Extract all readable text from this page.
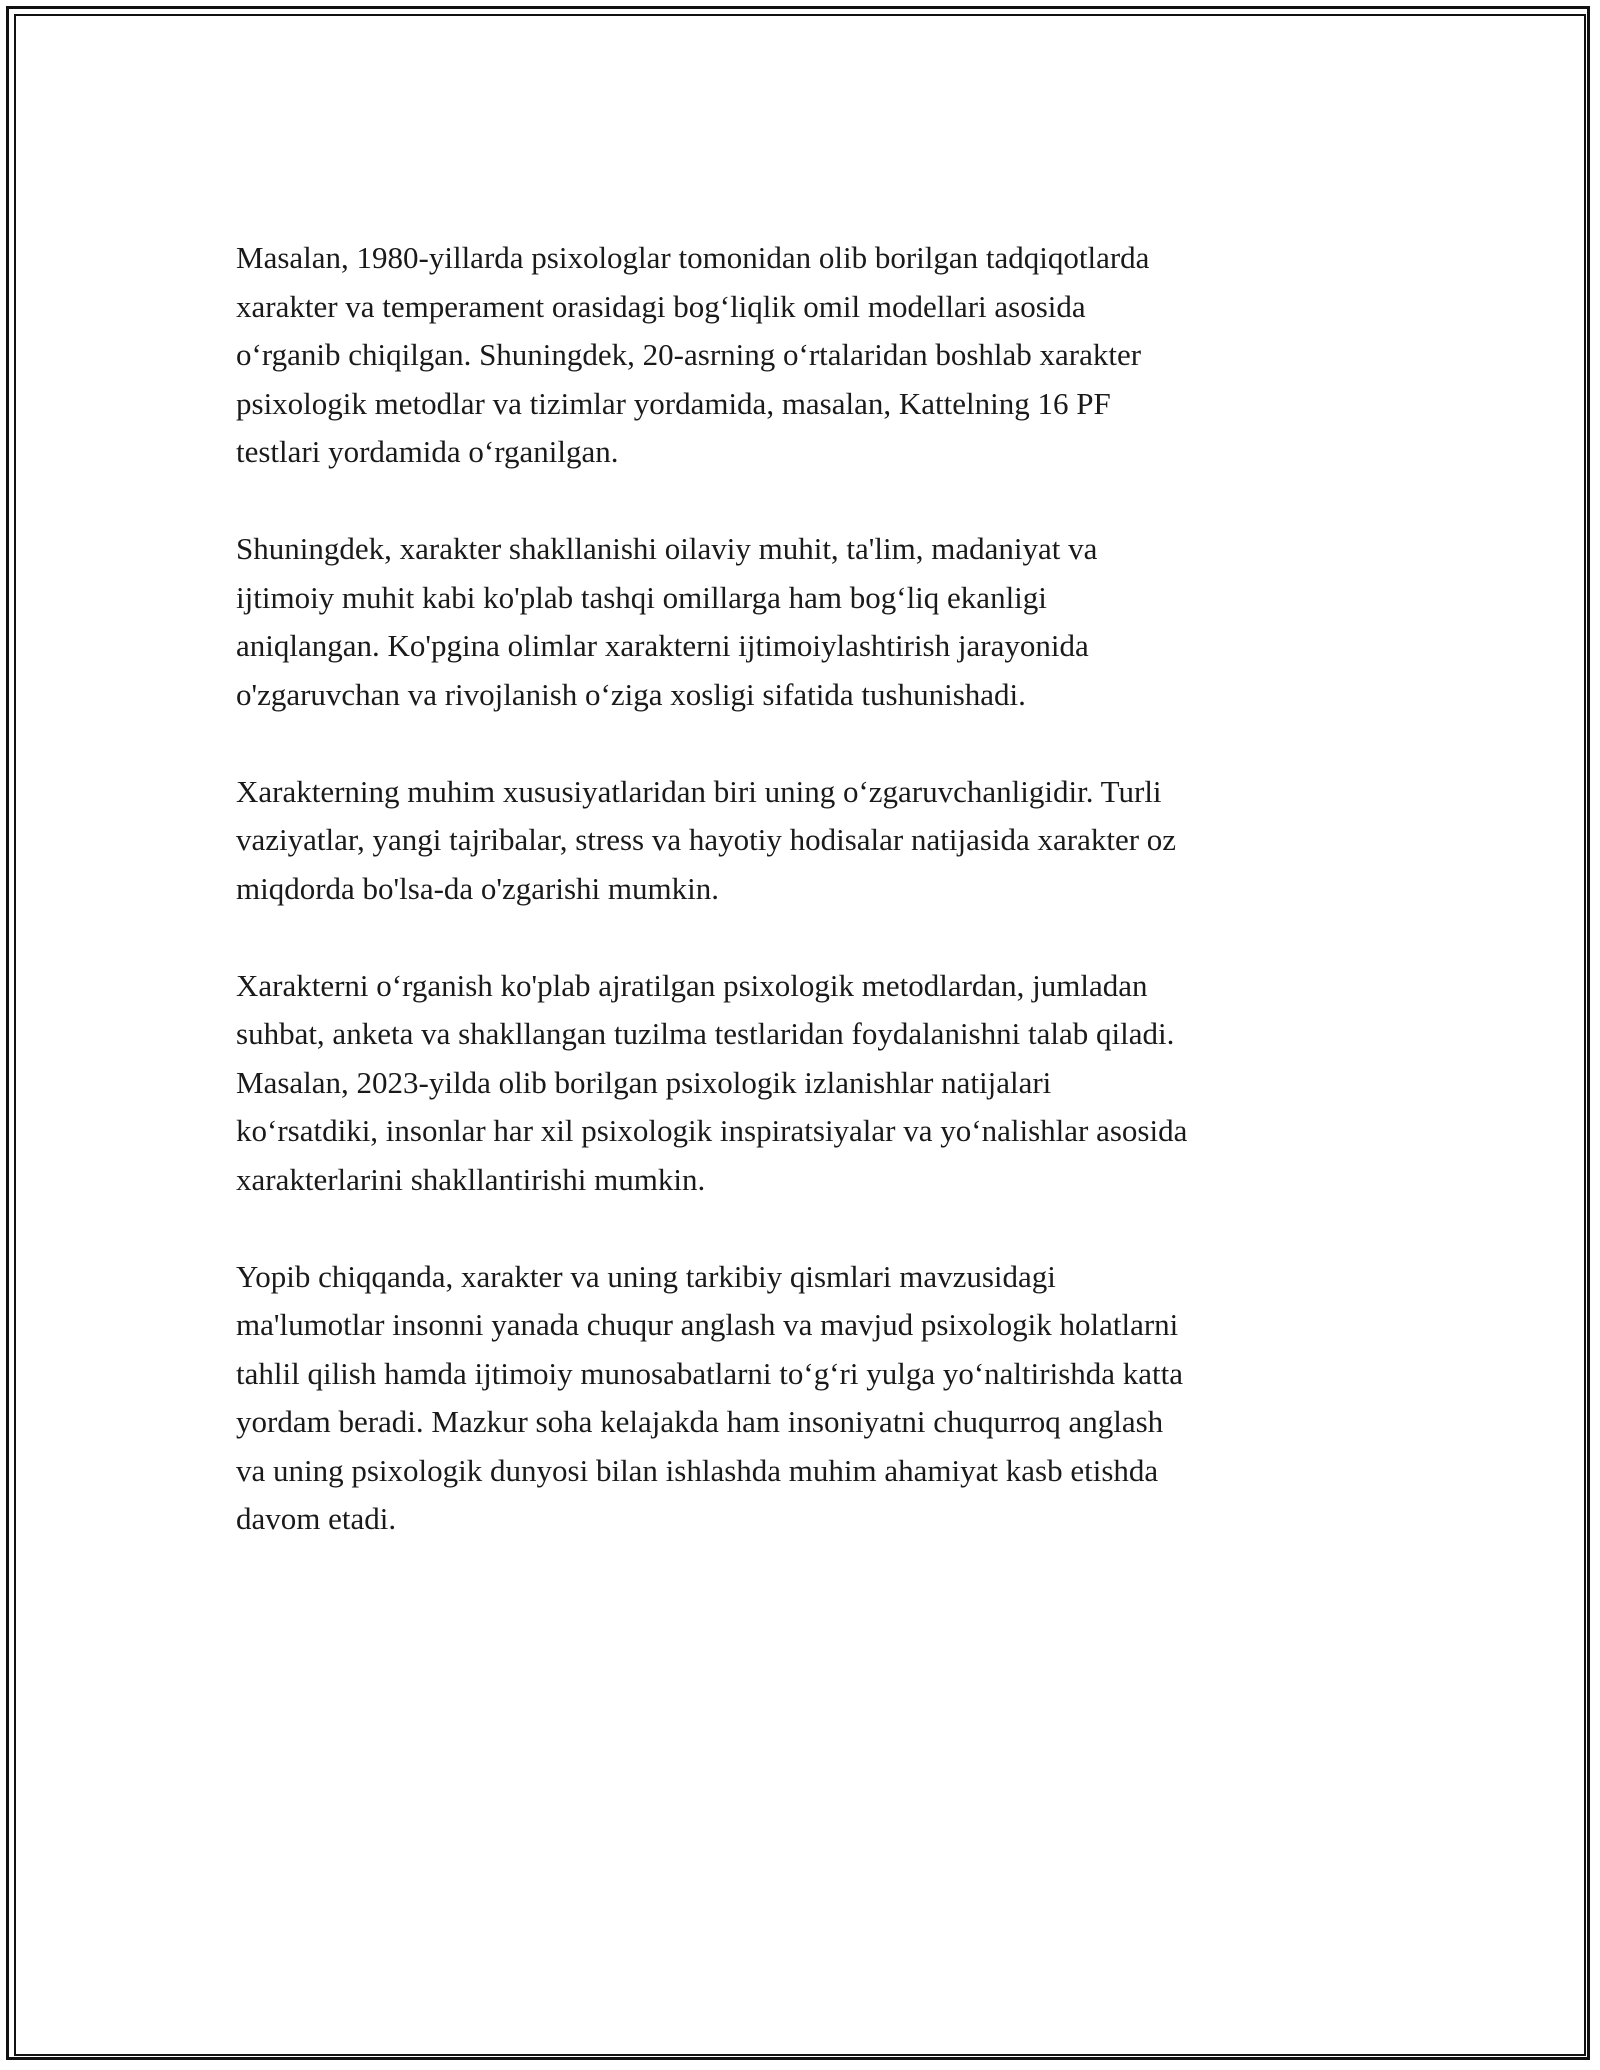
Masalan, 1980-yillarda psixologlar tomonidan olib borilgan tadqiqotlarda
xarakter va temperament orasidagi bogʻliqlik omil modellari asosida
oʻrganib chiqilgan. Shuningdek, 20-asrning oʻrtalaridan boshlab xarakter
psixologik metodlar va tizimlar yordamida, masalan, Kattelning 16 PF
testlari yordamida oʻrganilgan.

Shuningdek, xarakter shakllanishi oilaviy muhit, ta'lim, madaniyat va
ijtimoiy muhit kabi ko'plab tashqi omillarga ham bogʻliq ekanligi
aniqlangan. Ko'pgina olimlar xarakterni ijtimoiylashtirish jarayonida
o'zgaruvchan va rivojlanish oʻziga xosligi sifatida tushunishadi.

Xarakterning muhim xususiyatlaridan biri uning oʻzgaruvchanligidir. Turli
vaziyatlar, yangi tajribalar, stress va hayotiy hodisalar natijasida xarakter oz
miqdorda bo'lsa-da o'zgarishi mumkin.

Xarakterni oʻrganish ko'plab ajratilgan psixologik metodlardan, jumladan
suhbat, anketa va shakllangan tuzilma testlaridan foydalanishni talab qiladi.
Masalan, 2023-yilda olib borilgan psixologik izlanishlar natijalari
koʻrsatdiki, insonlar har xil psixologik inspiratsiyalar va yoʻnalishlar asosida
xarakterlarini shakllantirishi mumkin.

Yopib chiqqanda, xarakter va uning tarkibiy qismlari mavzusidagi
ma'lumotlar insonni yanada chuqur anglash va mavjud psixologik holatlarni
tahlil qilish hamda ijtimoiy munosabatlarni toʻgʻri yulga yoʻnaltirishda katta
yordam beradi. Mazkur soha kelajakda ham insoniyatni chuqurroq anglash
va uning psixologik dunyosi bilan ishlashda muhim ahamiyat kasb etishda
davom etadi.
